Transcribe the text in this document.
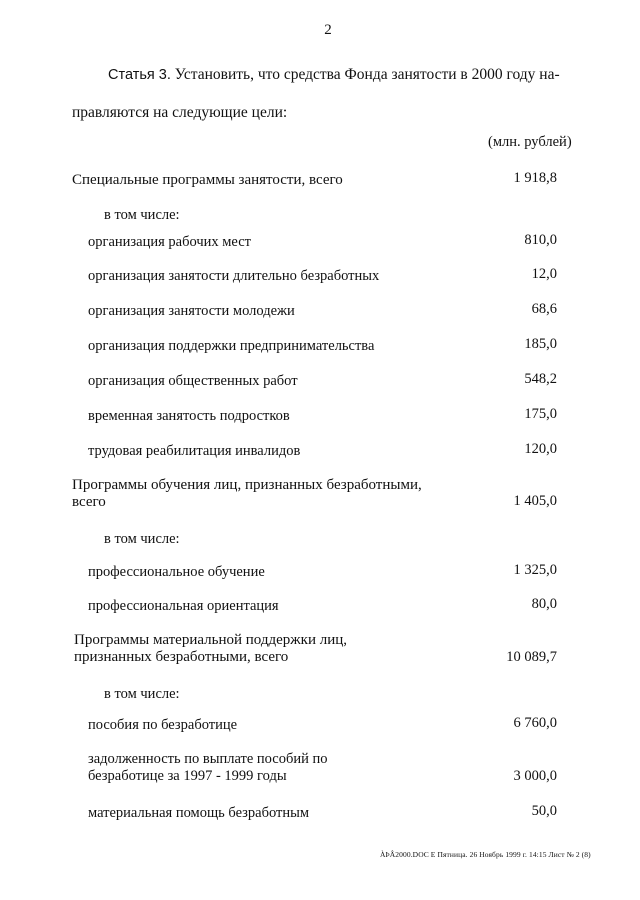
2
Статья 3. Установить, что средства Фонда занятости в 2000 году на-
правляются на следующие цели:
(млн. рублей)
Специальные программы занятости, всего	1 918,8
в том числе:
организация рабочих мест	810,0
организация занятости длительно безработных	12,0
организация занятости молодежи	68,6
организация поддержки предпринимательства	185,0
организация общественных работ	548,2
временная занятость подростков	175,0
трудовая реабилитация инвалидов	120,0
Программы обучения лиц, признанных безработными,
всего	1 405,0
в том числе:
профессиональное обучение	1 325,0
профессиональная ориентация	80,0
Программы материальной поддержки лиц,
признанных безработными, всего	10 089,7
в том числе:
пособия по безработице	6 760,0
задолженность по выплате пособий по
безработице за 1997 - 1999 годы	3 000,0
материальная помощь безработным	50,0
ÀÞÂ2000.DOC Е Пятница. 26 Ноябрь 1999 г. 14:15 Лист № 2 (8)
